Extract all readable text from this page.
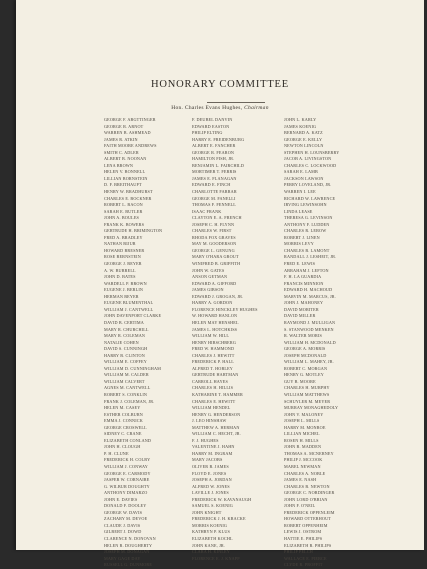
HONORARY COMMITTEE
Hon. Charles Evans Hughes, Chairman
GEORGE F. ABGTTINGER
GEORGE R. ARNOT
WARREN B. ASHMEAD
JAMES R. ATKIN
FAITH MOORE ANDREWS
SMITH C. ADLER
ALBERT B. NOONAN
LENA BROWN
HELEN V. BONNELL
LILLIAN BORNSTEIN
D. F. BREITHAUPT
HENRY W. BRADHURST
CHARLES E. BOCKNER
ROBERT L. BACON
SARAH E. BUTLER
JOHN A. BOULES
FRANK K. BOWERS
GERTRUDE H. BRIMINGTON
FRED A. BRADLEY
NATHAN BIJUR
HOWARD BRESNER
ROSE BERNSTEIN
GEORGE J. BEYER
A. W. BURRELL
JOHN D. BATES
WARDELL P. BROWN
EUGENE J. BERLIN
HERMAN BEYER
EUGENE BLUMENTHAL
WILLIAM J. CANTWELL
JOHN DAVENPORT CLARKE
DAVID B. CERTIMA
MARY R. CHURCHILL
MARY R. COLEMAN
NATALIE COHEN
DAVID S. CUNNINGH
HARRY B. CLINTON
WILLIAM E. COFFEY
WILLIAM D. CUNNINGHAM
WILLIAM M. CALDER
WILLIAM CALVERT
AGNES M. CANTWELL
ROBERT S. CONKLIN
FRANK J. COLEMAN, JR.
HELEN M. CASEY
ESTHER COLBURN
EMMA J. CONNICK
GEORGE CROSWELL
SIDNEY C. CRANE
ELIZABETH CONLAND
JOHN H. CLOUGH
P. H. CLUNE
FREDERICK H. COLBY
WILLIAM J. CONWAY
GEORGE E. CARMODY
JASPER W. CORNAIRE
G. WILBUR DOUGHTY
ANTHONY DIMARZO
JOHN E. DAVIES
DONALD F. DOOLEY
GEORGE W. DAVIS
ZACHARY M. DEVOE
CLAUDE J. DAVIS
GILBERT J. DOWD
CLARENCE N. DONOVAN
HELEN R. DOUGHERTY
JOSEPH M. DONAGAN
MARY GAGE DAY
RUSSELL G. DUNMORE
F. DEUBEL DANVIN
EDWARD EASTON
PHILIP ELTING
HARRY E. FREIDENBURG
ALBERT E. FANCHER
GEORGE R. FEARON
HAMILTON FISH, JR.
BENJAMIN L. FAIRCHILD
MORTIMER T. FERRIS
JAMES E. FLANAGAN
EDWARD E. FINCH
CHARLOTTE FARRAR
GEORGE M. FANELLI
THOMAS F. FENNELL
ISAAC FRANK
CLAYTON E. A. FRENCH
JOSEPH C. H. FLYNN
CHARLES W. FIRST
RHODA FOX GRAVES
MAY M. GOODERSON
GEORGE L. GENUNG
MARY O'HARA GROUT
WINIFRED B. GRIFFITH
JOHN W. GATES
ANSON GETMAN
EDWARD A. GIFFORD
JAMES GIBSON
EDWARD J. GROGAN, JR.
HARRY A. GORDON
FLORENCE HINCKLEY HUGHES
W. HOWARD HANLON
HELEN MAY HENSHEL
JAMES L. HOTCHKISS
WILLIAM W. HILL
HENRY HIRSCHBERG
FRED W. HAMMOND
CHARLES J. HEWITT
FREDERICK P. HALL
ALFRED T. HOBLEY
GERTRUDE HARTMAN
CARROLL HAYES
CHARLES H. HILLIS
KATHARINE T. HAMMER
CHARLES E. HEWITT
WILLIAM HENDEL
HENRY G. HENDERSON
J. LEO HINSHAW
MATTHEW A. HERMAN
WILLIAM C. HECHT, JR.
F. J. HUGHES
VALENTINE J. HAHN
HARRY M. INGRAM
MARY JACOBS
OLIVER B. JAMES
FLOYD E. JONES
JOSEPH A. JORDAN
ALFRED W. JONES
LAVILLE J. JONES
FREDERICK W. KAVANAUGH
SAMUEL S. KOENIG
JOHN KNIGHT
FREDERICK J. H. KRACKE
MORRIS KOENIG
KATHRYN P. KLUS
ELIZABETH KOCHL
JOHN KANE, JR.
CLARA H. KINLEY
FLORENCE E. J. KNAPP
JOHN L. KARLY
JAMES KOENIG
BERNARD A. KATZ
GEORGE E. KELLY
NEWTON LINCOLN
STEPHEN H. LOUNSBERRY
JACOB A. LIVINGSTON
CHARLES C. LOCKWOOD
SARAH E. LAMB
JACKSON LAWSON
PERRY LOVELAND, JR.
WARREN I. LEE
RICHARD W. LAWRENCE
IRVING LEWINSOHN
LINDA LEASE
THERESA G. LEVINSON
ANTHONY F. LUDDEN
CHARLES R. LEROW
ROBERT J. LINEN
MORRIS LEVY
CHARLES B. LAMONT
RANDALL J. LESHEIT, JR.
FRED E. LEWIS
ABRAHAM J. LEFTON
F. H. LA GUARDIA
FRANCIS MINNION
EDWARD H. MACHOUD
MARVIN M. MARCUS, JR.
JOHN J. MAHONEY
DAVID MORITER
DAVID MILLER
RAYMOND J. MULLIGAN
S. STANWOOD MENKEN
R. WALTER MORIS
WILLIAM H. MCDONALD
GEORGE A. MORRIS
JOSEPH MCDONALD
WILLIAM L. MAHEY, JR.
ROBERT C. MORGAN
HENRY G. MOTLEY
GUY B. MOORE
CHARLES H. MURPHY
WILLIAM MATTHEWS
SCHUYLER M. MEYER
MURRAY MONAGHEDOLY
JOHN V. MALONEY
JOSEPH L. MILLS
HARRY M. MONROE
LILLIAN MICHEL
ROSEN H. MILLS
JOHN B. MADDEN
THOMAS A. MCNERNEY
PHILIP J. MCCOOK
MABEL NEWMAN
CHARLES A. NOBLE
JAMES E. NASH
CHARLES B. NEWTON
GEORGE C. NORDINGER
JOHN LORD O'BRIAN
JOHN F. O'NEIL
FREDERICK OPPENLEIM
HOWARD OTTERHOUT
ROBERT OPPENHEIM
LEWIS J. OSTROM
HATTIE E. PHILIPS
ELIZABETH R. PHILIPS
PHILIP PELCH
WALLACE E. PIERCE
CLYDE R. PROFFIT
